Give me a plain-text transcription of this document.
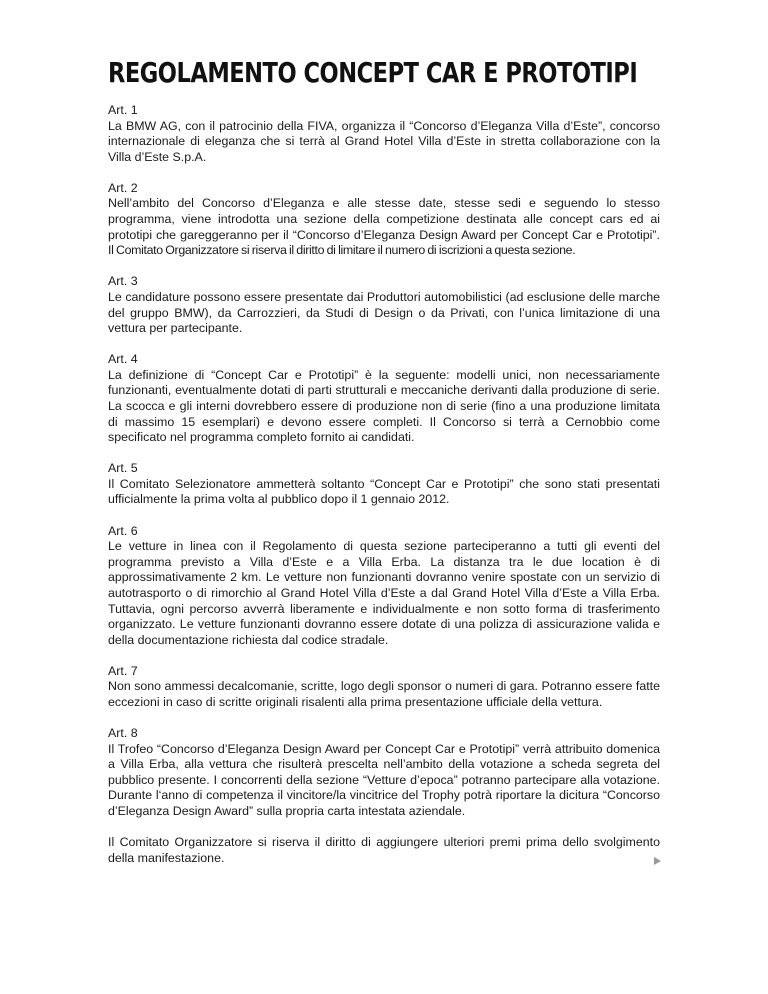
REGOLAMENTO CONCEPT CAR E PROTOTIPI
Art. 1
La BMW AG, con il patrocinio della FIVA, organizza il “Concorso d’Eleganza Villa d’Este”, concorso internazionale di eleganza che si terrà al Grand Hotel Villa d’Este in stretta collaborazione con la Villa d’Este S.p.A.
Art. 2
Nell’ambito del Concorso d’Eleganza e alle stesse date, stesse sedi e seguendo lo stesso programma, viene introdotta una sezione della competizione destinata alle concept cars ed ai prototipi che gareggeranno per il “Concorso d’Eleganza Design Award per Concept Car e Prototipi”. Il Comitato Organizzatore si riserva il diritto di limitare il numero di iscrizioni a questa sezione.
Art. 3
Le candidature possono essere presentate dai Produttori automobilistici (ad esclusione delle marche del gruppo BMW), da Carrozzieri, da Studi di Design o da Privati, con l’unica limitazione di una vettura per partecipante.
Art. 4
La definizione di “Concept Car e Prototipi” è la seguente: modelli unici, non necessariamente funzionanti, eventualmente dotati di parti strutturali e meccaniche derivanti dalla produzione di serie. La scocca e gli interni dovrebbero essere di produzione non di serie (fino a una produzione limitata di massimo 15 esemplari) e devono essere completi. Il Concorso si terrà a Cernobbio come specificato nel programma completo fornito ai candidati.
Art. 5
Il Comitato Selezionatore ammetterà soltanto “Concept Car e Prototipi” che sono stati presentati ufficialmente la prima volta al pubblico dopo il 1 gennaio 2012.
Art. 6
Le vetture in linea con il Regolamento di questa sezione parteciperanno a tutti gli eventi del programma previsto a Villa d’Este e a Villa Erba. La distanza tra le due location è di approssimativamente 2 km. Le vetture non funzionanti dovranno venire spostate con un servizio di autotrasporto o di rimorchio al Grand Hotel Villa d’Este a dal Grand Hotel Villa d’Este a Villa Erba. Tuttavia, ogni percorso avverrà liberamente e individualmente e non sotto forma di trasferimento organizzato. Le vetture funzionanti dovranno essere dotate di una polizza di assicurazione valida e della documentazione richiesta dal codice stradale.
Art. 7
Non sono ammessi decalcomanie, scritte, logo degli sponsor o numeri di gara. Potranno essere fatte eccezioni in caso di scritte originali risalenti alla prima presentazione ufficiale della vettura.
Art. 8
Il Trofeo “Concorso d’Eleganza Design Award per Concept Car e Prototipi” verrà attribuito domenica a Villa Erba, alla vettura che risulterà prescelta nell’ambito della votazione a scheda segreta del pubblico presente. I concorrenti della sezione “Vetture d’epoca” potranno partecipare alla votazione. Durante l‘anno di competenza il vincitore/la vincitrice del Trophy potrà riportare la dicitura “Concorso d’Eleganza Design Award” sulla propria carta intestata aziendale.
Il Comitato Organizzatore si riserva il diritto di aggiungere ulteriori premi prima dello svolgimento della manifestazione.
